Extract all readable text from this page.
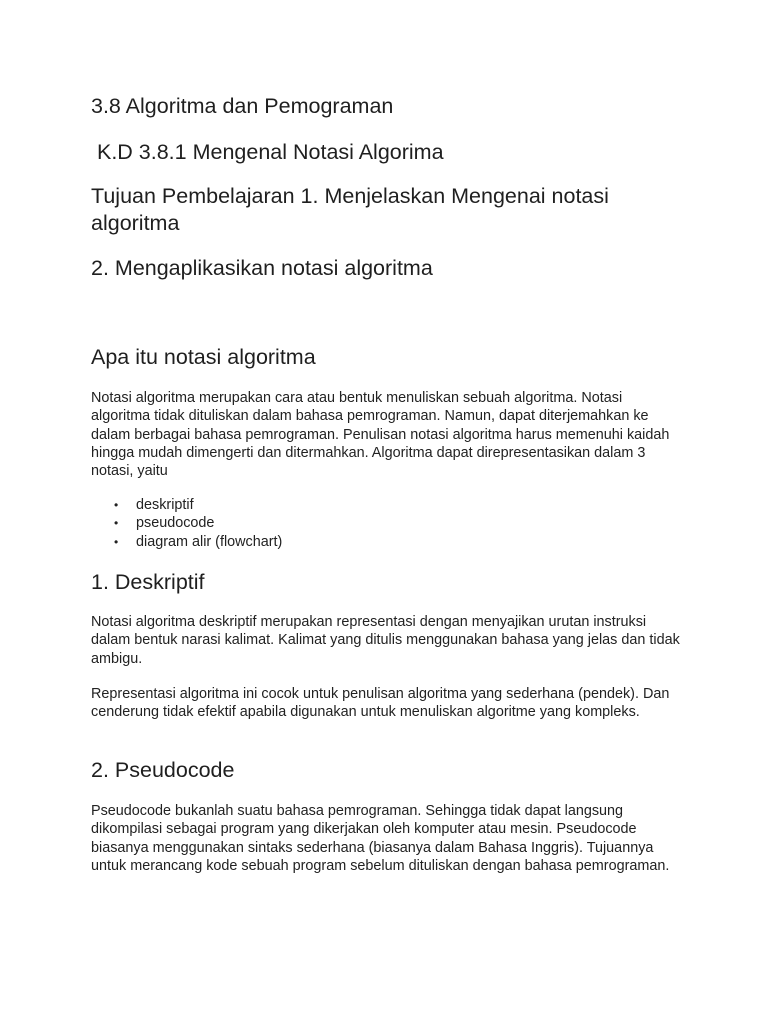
3.8 Algoritma dan Pemograman
K.D 3.8.1 Mengenal Notasi Algorima
Tujuan Pembelajaran 1. Menjelaskan Mengenai notasi algoritma
2. Mengaplikasikan notasi algoritma
Apa itu notasi algoritma

Notasi algoritma merupakan cara atau bentuk menuliskan sebuah algoritma. Notasi algoritma tidak dituliskan dalam bahasa pemrograman. Namun, dapat diterjemahkan ke dalam berbagai bahasa pemrograman. Penulisan notasi algoritma harus memenuhi kaidah hingga mudah dimengerti dan ditermahkan. Algoritma dapat direpresentasikan dalam 3 notasi, yaitu

• deskriptif
• pseudocode
• diagram alir (flowchart)
1. Deskriptif

Notasi algoritma deskriptif merupakan representasi dengan menyajikan urutan instruksi dalam bentuk narasi kalimat. Kalimat yang ditulis menggunakan bahasa yang jelas dan tidak ambigu.

Representasi algoritma ini cocok untuk penulisan algoritma yang sederhana (pendek). Dan cenderung tidak efektif apabila digunakan untuk menuliskan algoritme yang kompleks.

2. Pseudocode

Pseudocode bukanlah suatu bahasa pemrograman. Sehingga tidak dapat langsung dikompilasi sebagai program yang dikerjakan oleh komputer atau mesin. Pseudocode biasanya menggunakan sintaks sederhana (biasanya dalam Bahasa Inggris). Tujuannya untuk merancang kode sebuah program sebelum dituliskan dengan bahasa pemrograman.
